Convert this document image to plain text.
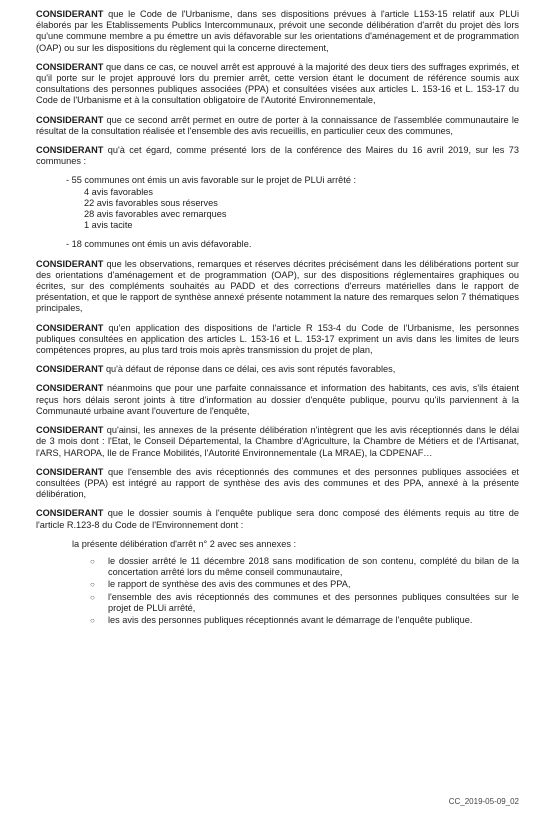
CONSIDERANT que le Code de l'Urbanisme, dans ses dispositions prévues à l'article L153-15 relatif aux PLUi élaborés par les Etablissements Publics Intercommunaux, prévoit une seconde délibération d'arrêt du projet dès lors qu'une commune membre a pu émettre un avis défavorable sur les orientations d'aménagement et de programmation (OAP) ou sur les dispositions du règlement qui la concerne directement,

CONSIDERANT que dans ce cas, ce nouvel arrêt est approuvé à la majorité des deux tiers des suffrages exprimés, et qu'il porte sur le projet approuvé lors du premier arrêt, cette version étant le document de référence soumis aux consultations des personnes publiques associées (PPA) et consultées visées aux articles L. 153-16 et L. 153-17 du Code de l'Urbanisme et à la consultation obligatoire de l'Autorité Environnementale,

CONSIDERANT que ce second arrêt permet en outre de porter à la connaissance de l'assemblée communautaire le résultat de la consultation réalisée et l'ensemble des avis recueillis, en particulier ceux des communes,

CONSIDERANT qu'à cet égard, comme présenté lors de la conférence des Maires du 16 avril 2019, sur les 73 communes :

- 55 communes ont émis un avis favorable sur le projet de PLUi arrêté :
4 avis favorables
22 avis favorables sous réserves
28 avis favorables avec remarques
1 avis tacite
- 18 communes ont émis un avis défavorable.

CONSIDERANT que les observations, remarques et réserves décrites précisément dans les délibérations portent sur des orientations d'aménagement et de programmation (OAP), sur des dispositions réglementaires graphiques ou écrites, sur des compléments souhaités au PADD et des corrections d'erreurs matérielles dans le rapport de présentation, et que le rapport de synthèse annexé présente notamment la nature des remarques selon 7 thématiques principales,

CONSIDERANT qu'en application des dispositions de l'article R 153-4 du Code de l'Urbanisme, les personnes publiques consultées en application des articles L. 153-16 et L. 153-17 expriment un avis dans les limites de leurs compétences propres, au plus tard trois mois après transmission du projet de plan,

CONSIDERANT qu'à défaut de réponse dans ce délai, ces avis sont réputés favorables,

CONSIDERANT néanmoins que pour une parfaite connaissance et information des habitants, ces avis, s'ils étaient reçus hors délais seront joints à titre d'information au dossier d'enquête publique, pourvu qu'ils parviennent à la Communauté urbaine avant l'ouverture de l'enquête,

CONSIDERANT qu'ainsi, les annexes de la présente délibération n'intègrent que les avis réceptionnés dans le délai de 3 mois dont : l'Etat, le Conseil Départemental, la Chambre d'Agriculture, la Chambre de Métiers et de l'Artisanat, l'ARS, HAROPA, Ile de France Mobilités, l'Autorité Environnementale (La MRAE), la CDPENAF…

CONSIDERANT que l'ensemble des avis réceptionnés des communes et des personnes publiques associées et consultées (PPA) est intégré au rapport de synthèse des avis des communes et des PPA, annexé à la présente délibération,

CONSIDERANT que le dossier soumis à l'enquête publique sera donc composé des éléments requis au titre de l'article R.123-8 du Code de l'Environnement dont :

la présente délibération d'arrêt n° 2 avec ses annexes :
○ le dossier arrêté le 11 décembre 2018 sans modification de son contenu, complété du bilan de la concertation arrêté lors du même conseil communautaire,
○ le rapport de synthèse des avis des communes et des PPA,
○ l'ensemble des avis réceptionnés des communes et des personnes publiques consultées sur le projet de PLUi arrêté,
○ les avis des personnes publiques réceptionnés avant le démarrage de l'enquête publique.
CC_2019-05-09_02
